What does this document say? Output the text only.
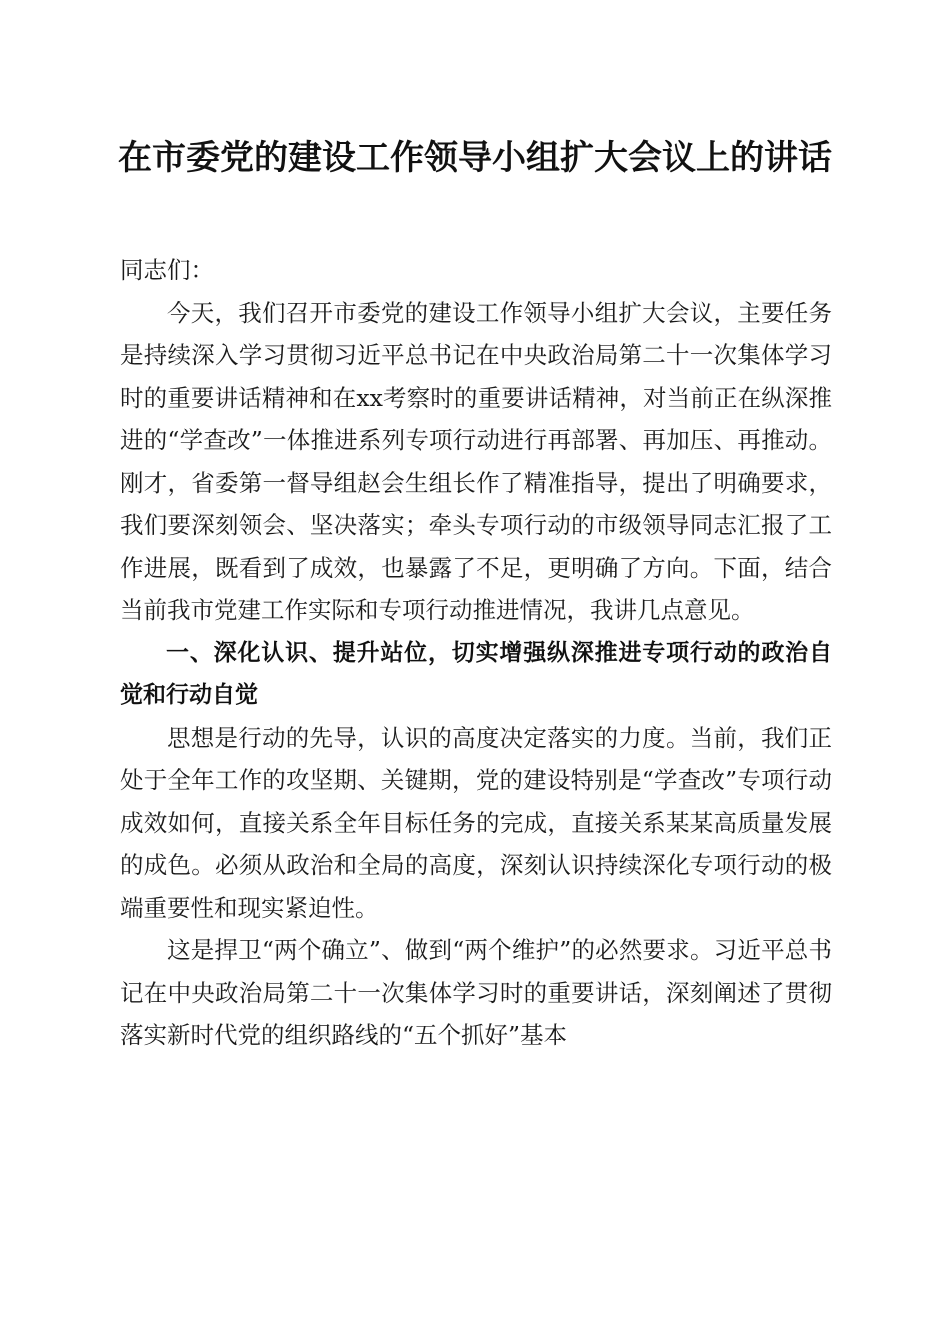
在市委党的建设工作领导小组扩大会议上的讲话

同志们：

今天，我们召开市委党的建设工作领导小组扩大会议，主要任务是持续深入学习贯彻习近平总书记在中央政治局第二十一次集体学习时的重要讲话精神和在xx考察时的重要讲话精神，对当前正在纵深推进的“学查改”一体推进系列专项行动进行再部署、再加压、再推动。刚才，省委第一督导组赵会生组长作了精准指导，提出了明确要求，我们要深刻领会、坚决落实；牵头专项行动的市级领导同志汇报了工作进展，既看到了成效，也暴露了不足，更明确了方向。下面，结合当前我市党建工作实际和专项行动推进情况，我讲几点意见。

一、深化认识、提升站位，切实增强纵深推进专项行动的政治自觉和行动自觉

思想是行动的先导，认识的高度决定落实的力度。当前，我们正处于全年工作的攻坚期、关键期，党的建设特别是“学查改”专项行动成效如何，直接关系全年目标任务的完成，直接关系某某高质量发展的成色。必须从政治和全局的高度，深刻认识持续深化专项行动的极端重要性和现实紧迫性。

这是捍卫“两个确立”、做到“两个维护”的必然要求。习近平总书记在中央政治局第二十一次集体学习时的重要讲话，深刻阐述了贯彻落实新时代党的组织路线的“五个抓好”基本
